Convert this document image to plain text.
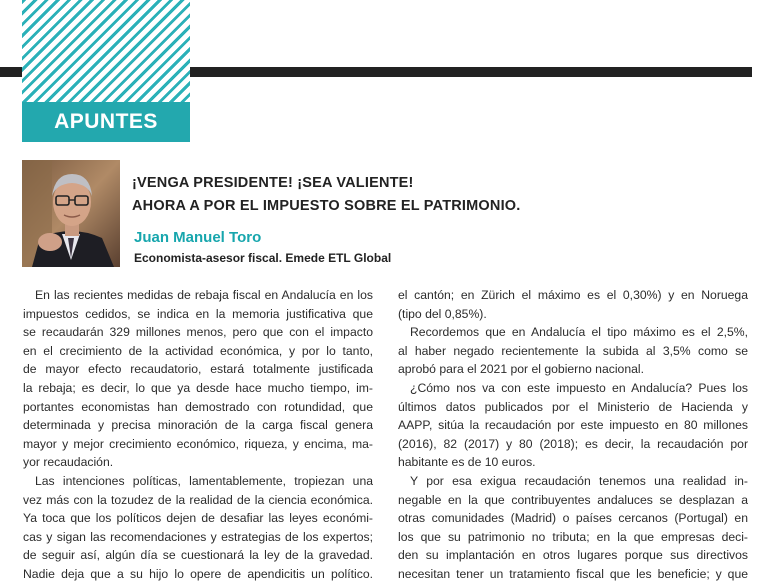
APUNTES
¡VENGA PRESIDENTE! ¡SEA VALIENTE!
AHORA A POR EL IMPUESTO SOBRE EL PATRIMONIO.
Juan Manuel Toro
Economista-asesor fiscal. Emede ETL Global
En las recientes medidas de rebaja fiscal en Andalucía en los
impuestos cedidos, se indica en la memoria justificativa que
se recaudarán 329 millones menos, pero que con el impacto
en el crecimiento de la actividad económica, y por lo tanto,
de mayor efecto recaudatorio, estará totalmente justificada
la rebaja; es decir, lo que ya desde hace mucho tiempo, im-
portantes economistas han demostrado con rotundidad, que
determinada y precisa minoración de la carga fiscal genera
mayor y mejor crecimiento económico, riqueza, y encima, ma-
yor recaudación.
Las intenciones políticas, lamentablemente, tropiezan una
vez más con la tozudez de la realidad de la ciencia económica.
Ya toca que los políticos dejen de desafiar las leyes económi-
cas y sigan las recomendaciones y estrategias de los expertos;
de seguir así, algún día se cuestionará la ley de la gravedad.
Nadie deja que a su hijo lo opere de apendicitis un político.
el cantón; en Zürich el máximo es el 0,30%) y en Noruega
(tipo del 0,85%).
Recordemos que en Andalucía el tipo máximo es el 2,5%,
al haber negado recientemente la subida al 3,5% como se
aprobó para el 2021 por el gobierno nacional.
¿Cómo nos va con este impuesto en Andalucía? Pues los
últimos datos publicados por el Ministerio de Hacienda y
AAPP, sitúa la recaudación por este impuesto en 80 millones
(2016), 82 (2017) y 80 (2018); es decir, la recaudación por
habitante es de 10 euros.
Y por esa exigua recaudación tenemos una realidad in-
negable en la que contribuyentes andaluces se desplazan a
otras comunidades (Madrid) o países cercanos (Portugal) en
los que su patrimonio no tributa; en la que empresas deci-
den su implantación en otros lugares porque sus directivos
necesitan tener un tratamiento fiscal que les beneficie; y que
